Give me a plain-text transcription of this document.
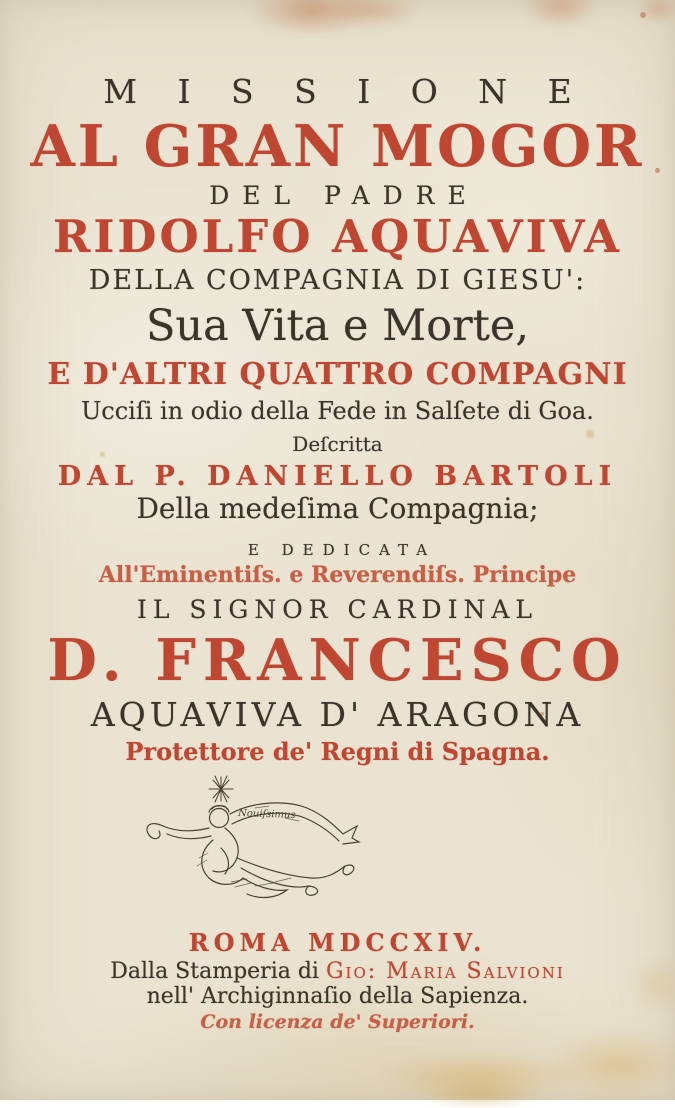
M I S S I O N E
AL GRAN MOGOR
DEL PADRE
RIDOLFO AQUAVIVA
DELLA COMPAGNIA DI GIESU':
Sua Vita e Morte,
E D'ALTRI QUATTRO COMPAGNI
Ucciſi in odio della Fede in Salſete di Goa.
Deſcritta
DAL P. DANIELLO BARTOLI
Della medeſima Compagnia;
E DEDICATA
All'Eminentiſs. e Reverendiſs. Principe
IL SIGNOR CARDINAL
D. FRANCESCO
AQUAVIVA D' ARAGONA
Protettore de' Regni di Spagna.
Nouiſsimus
ROMA MDCCXIV.
Dalla Stamperia di Gio: Maria Salvioni
nell' Archiginnaſio della Sapienza.
Con licenza de' Superiori.
